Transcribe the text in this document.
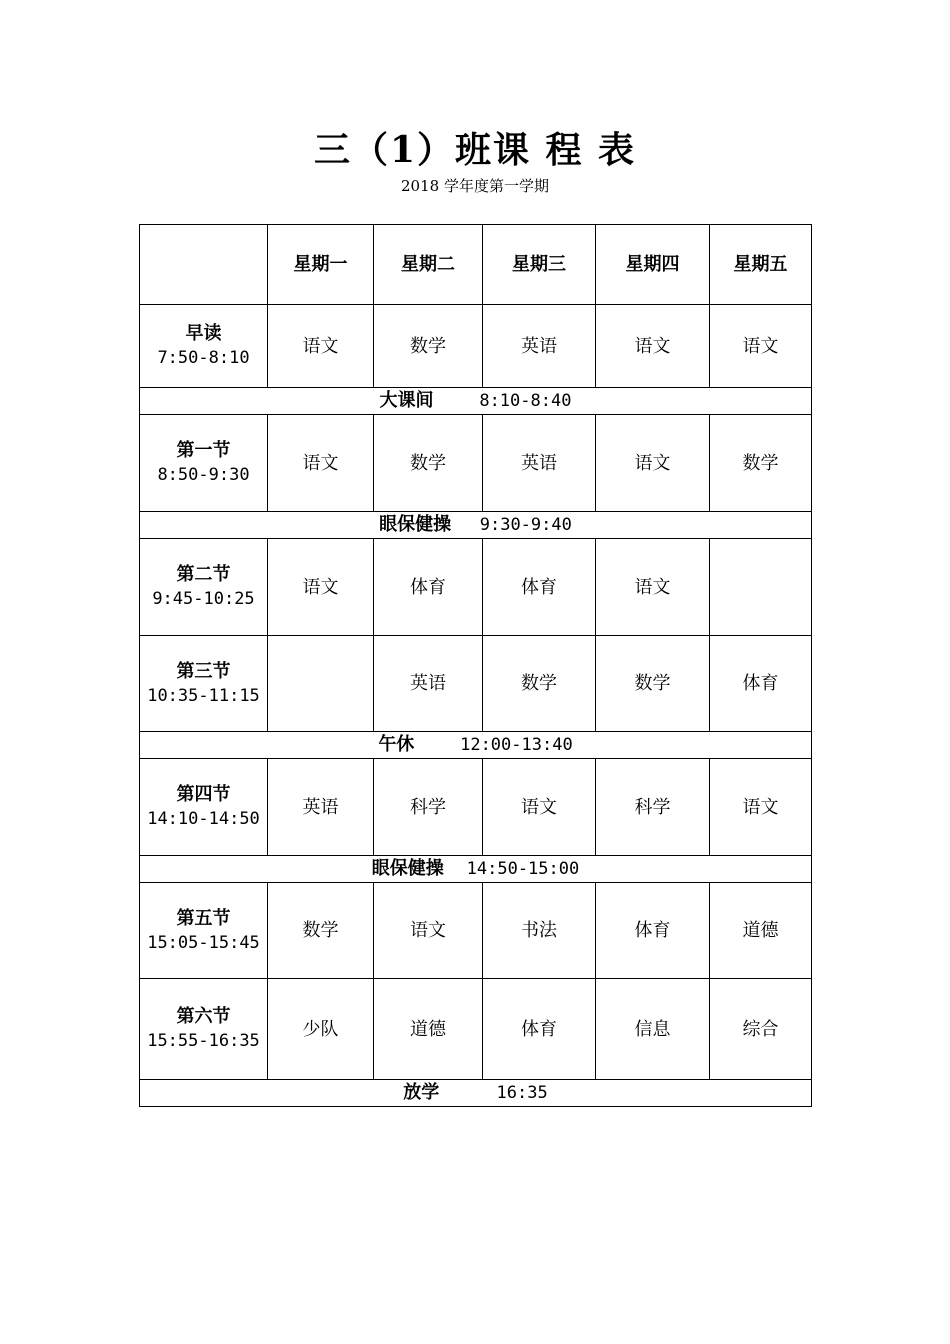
三（1）班课 程 表
2018 学年度第一学期
	星期一	星期二	星期三	星期四	星期五

早读
7:50-8:10	语文	数学	英语	语文	语文
大课间 8:10-8:40					

第一节
8:50-9:30	语文	数学	英语	语文	数学
眼保健操 9:30-9:40					

第二节
9:45-10:25	语文	体育	体育	语文	

第三节
10:35-11:15		英语	数学	数学	体育
午休 12:00-13:40					

第四节
14:10-14:50	英语	科学	语文	科学	语文
眼保健操 14:50-15:00					

第五节
15:05-15:45	数学	语文	书法	体育	道德

第六节
15:55-16:35	少队	道德	体育	信息	综合
放学 16:35					
